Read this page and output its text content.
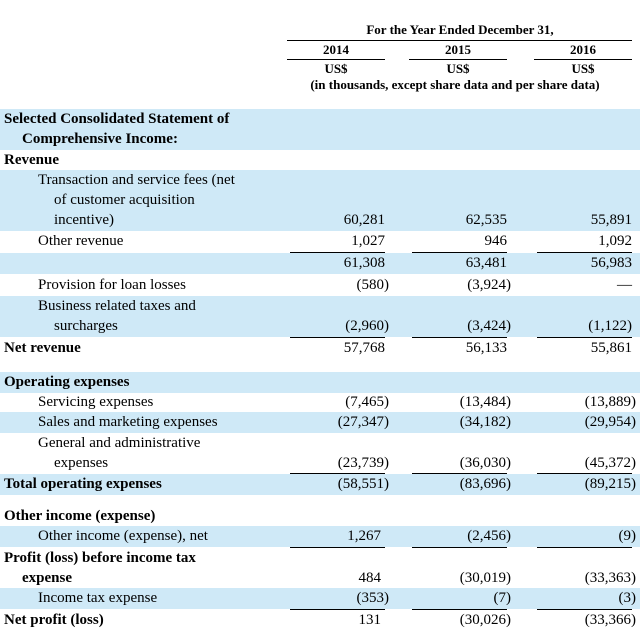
For the Year Ended December 31,
2014	2015	2016
US$	US$	US$
(in thousands, except share data and per share data)
Selected Consolidated Statement of
Comprehensive Income:
Revenue
Transaction and service fees (net
of customer acquisition
incentive)	60,281	62,535	55,891
Other revenue	1,027	946	1,092
61,308	63,481	56,983
Provision for loan losses	(580)	(3,924)	—
Business related taxes and
surcharges	(2,960)	(3,424)	(1,122)
Net revenue	57,768	56,133	55,861
Operating expenses
Servicing expenses	(7,465)	(13,484)	(13,889)
Sales and marketing expenses	(27,347)	(34,182)	(29,954)
General and administrative
expenses	(23,739)	(36,030)	(45,372)
Total operating expenses	(58,551)	(83,696)	(89,215)
Other income (expense)
Other income (expense), net	1,267	(2,456)	(9)
Profit (loss) before income tax
expense	484	(30,019)	(33,363)
Income tax expense	(353)	(7)	(3)
Net profit (loss)	131	(30,026)	(33,366)
